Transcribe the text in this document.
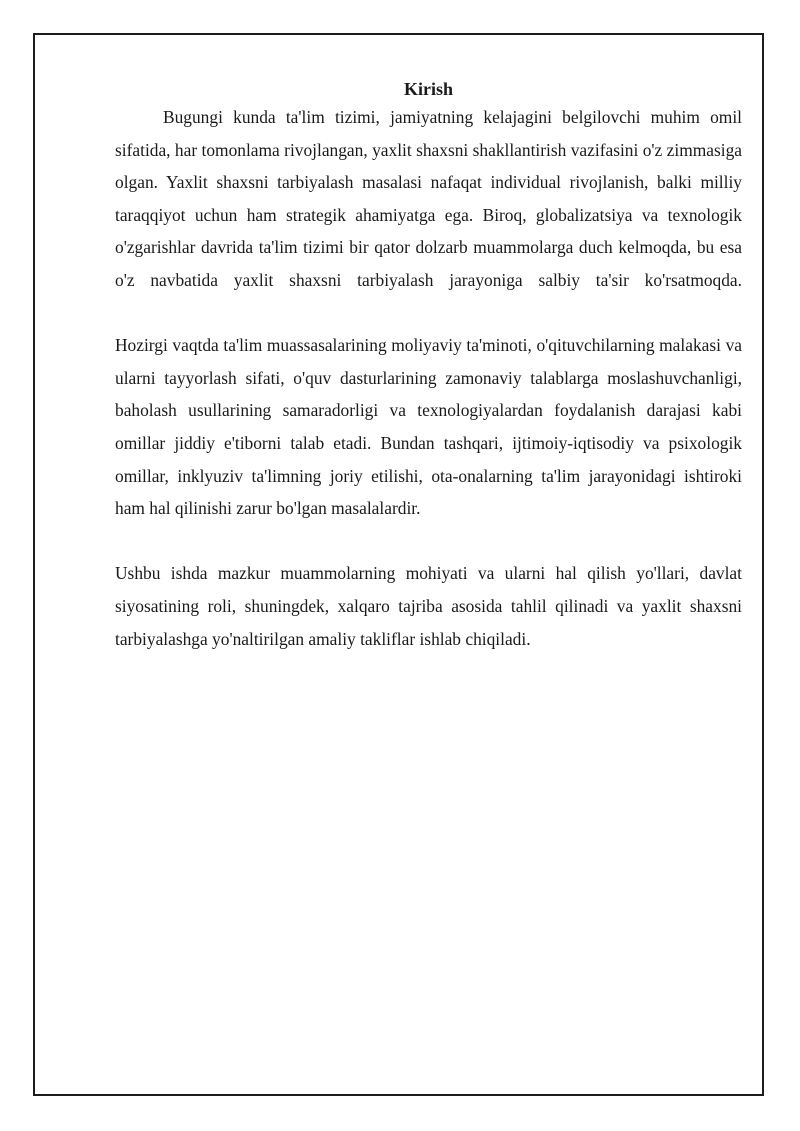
Kirish

Bugungi kunda ta'lim tizimi, jamiyatning kelajagini belgilovchi muhim omil sifatida, har tomonlama rivojlangan, yaxlit shaxsni shakllantirish vazifasini o'z zimmasiga olgan. Yaxlit shaxsni tarbiyalash masalasi nafaqat individual rivojlanish, balki milliy taraqqiyot uchun ham strategik ahamiyatga ega. Biroq, globalizatsiya va texnologik o'zgarishlar davrida ta'lim tizimi bir qator dolzarb muammolarga duch kelmoqda, bu esa o'z navbatida yaxlit shaxsni tarbiyalash jarayoniga salbiy ta'sir ko'rsatmoqda.

Hozirgi vaqtda ta'lim muassasalarining moliyaviy ta'minoti, o'qituvchilarning malakasi va ularni tayyorlash sifati, o'quv dasturlarining zamonaviy talablarga moslashuvchanligi, baholash usullarining samaradorligi va texnologiyalardan foydalanish darajasi kabi omillar jiddiy e'tiborni talab etadi. Bundan tashqari, ijtimoiy-iqtisodiy va psixologik omillar, inklyuziv ta'limning joriy etilishi, ota-onalarning ta'lim jarayonidagi ishtiroki ham hal qilinishi zarur bo'lgan masalalardir.

Ushbu ishda mazkur muammolarning mohiyati va ularni hal qilish yo'llari, davlat siyosatining roli, shuningdek, xalqaro tajriba asosida tahlil qilinadi va yaxlit shaxsni tarbiyalashga yo'naltirilgan amaliy takliflar ishlab chiqiladi.
